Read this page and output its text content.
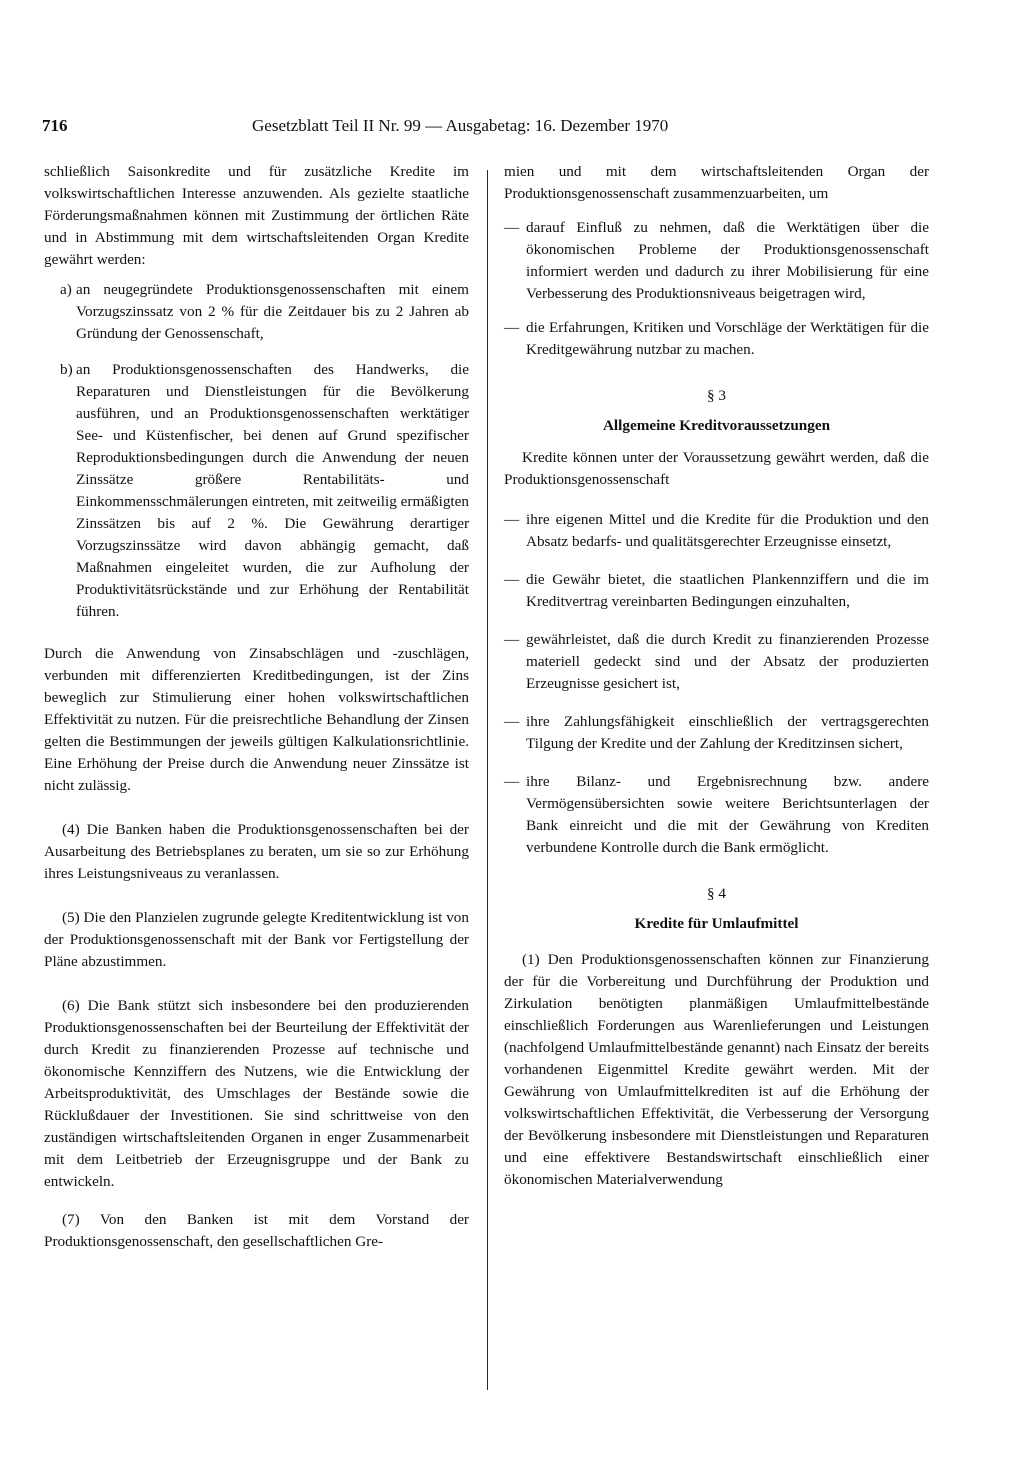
716	Gesetzblatt Teil II Nr. 99 — Ausgabetag: 16. Dezember 1970

schließlich Saisonkredite und für zusätzliche Kredite im volkswirtschaftlichen Interesse anzuwenden. Als gezielte staatliche Förderungsmaßnahmen können mit Zustimmung der örtlichen Räte und in Abstimmung mit dem wirtschaftsleitenden Organ Kredite gewährt werden:

a) an neugegründete Produktionsgenossenschaften mit einem Vorzugszinssatz von 2 % für die Zeitdauer bis zu 2 Jahren ab Gründung der Genossenschaft,

b) an Produktionsgenossenschaften des Handwerks, die Reparaturen und Dienstleistungen für die Bevölkerung ausführen, und an Produktionsgenossenschaften werktätiger See- und Küstenfischer, bei denen auf Grund spezifischer Reproduktionsbedingungen durch die Anwendung der neuen Zinssätze größere Rentabilitäts- und Einkommensschmälerungen eintreten, mit zeitweilig ermäßigten Zinssätzen bis auf 2 %. Die Gewährung derartiger Vorzugszinssätze wird davon abhängig gemacht, daß Maßnahmen eingeleitet wurden, die zur Aufholung der Produktivitätsrückstände und zur Erhöhung der Rentabilität führen.

Durch die Anwendung von Zinsabschlägen und -zuschlägen, verbunden mit differenzierten Kreditbedingungen, ist der Zins beweglich zur Stimulierung einer hohen volkswirtschaftlichen Effektivität zu nutzen. Für die preisrechtliche Behandlung der Zinsen gelten die Bestimmungen der jeweils gültigen Kalkulationsrichtlinie. Eine Erhöhung der Preise durch die Anwendung neuer Zinssätze ist nicht zulässig.

(4) Die Banken haben die Produktionsgenossenschaften bei der Ausarbeitung des Betriebsplanes zu beraten, um sie so zur Erhöhung ihres Leistungsniveaus zu veranlassen.

(5) Die den Planzielen zugrunde gelegte Kreditentwicklung ist von der Produktionsgenossenschaft mit der Bank vor Fertigstellung der Pläne abzustimmen.

(6) Die Bank stützt sich insbesondere bei den produzierenden Produktionsgenossenschaften bei der Beurteilung der Effektivität der durch Kredit zu finanzierenden Prozesse auf technische und ökonomische Kennziffern des Nutzens, wie die Entwicklung der Arbeitsproduktivität, des Umschlages der Bestände sowie die Rücklußdauer der Investitionen. Sie sind schrittweise von den zuständigen wirtschaftsleitenden Organen in enger Zusammenarbeit mit dem Leitbetrieb der Erzeugnisgruppe und der Bank zu entwickeln.

(7) Von den Banken ist mit dem Vorstand der Produktionsgenossenschaft, den gesellschaftlichen Gre-

mien und mit dem wirtschaftsleitenden Organ der Produktionsgenossenschaft zusammenzuarbeiten, um

— darauf Einfluß zu nehmen, daß die Werktätigen über die ökonomischen Probleme der Produktionsgenossenschaft informiert werden und dadurch zu ihrer Mobilisierung für eine Verbesserung des Produktionsniveaus beigetragen wird,

— die Erfahrungen, Kritiken und Vorschläge der Werktätigen für die Kreditgewährung nutzbar zu machen.

§ 3

Allgemeine Kreditvoraussetzungen

Kredite können unter der Voraussetzung gewährt werden, daß die Produktionsgenossenschaft

— ihre eigenen Mittel und die Kredite für die Produktion und den Absatz bedarfs- und qualitätsgerechter Erzeugnisse einsetzt,

— die Gewähr bietet, die staatlichen Plankennziffern und die im Kreditvertrag vereinbarten Bedingungen einzuhalten,

— gewährleistet, daß die durch Kredit zu finanzierenden Prozesse materiell gedeckt sind und der Absatz der produzierten Erzeugnisse gesichert ist,

— ihre Zahlungsfähigkeit einschließlich der vertragsgerechten Tilgung der Kredite und der Zahlung der Kreditzinsen sichert,

— ihre Bilanz- und Ergebnisrechnung bzw. andere Vermögensübersichten sowie weitere Berichtsunterlagen der Bank einreicht und die mit der Gewährung von Krediten verbundene Kontrolle durch die Bank ermöglicht.

§ 4

Kredite für Umlaufmittel

(1) Den Produktionsgenossenschaften können zur Finanzierung der für die Vorbereitung und Durchführung der Produktion und Zirkulation benötigten planmäßigen Umlaufmittelbestände einschließlich Forderungen aus Warenlieferungen und Leistungen (nachfolgend Umlaufmittelbestände genannt) nach Einsatz der bereits vorhandenen Eigenmittel Kredite gewährt werden. Mit der Gewährung von Umlaufmittelkrediten ist auf die Erhöhung der volkswirtschaftlichen Effektivität, die Verbesserung der Versorgung der Bevölkerung insbesondere mit Dienstleistungen und Reparaturen und eine effektivere Bestandswirtschaft einschließlich einer ökonomischen Materialverwendung
